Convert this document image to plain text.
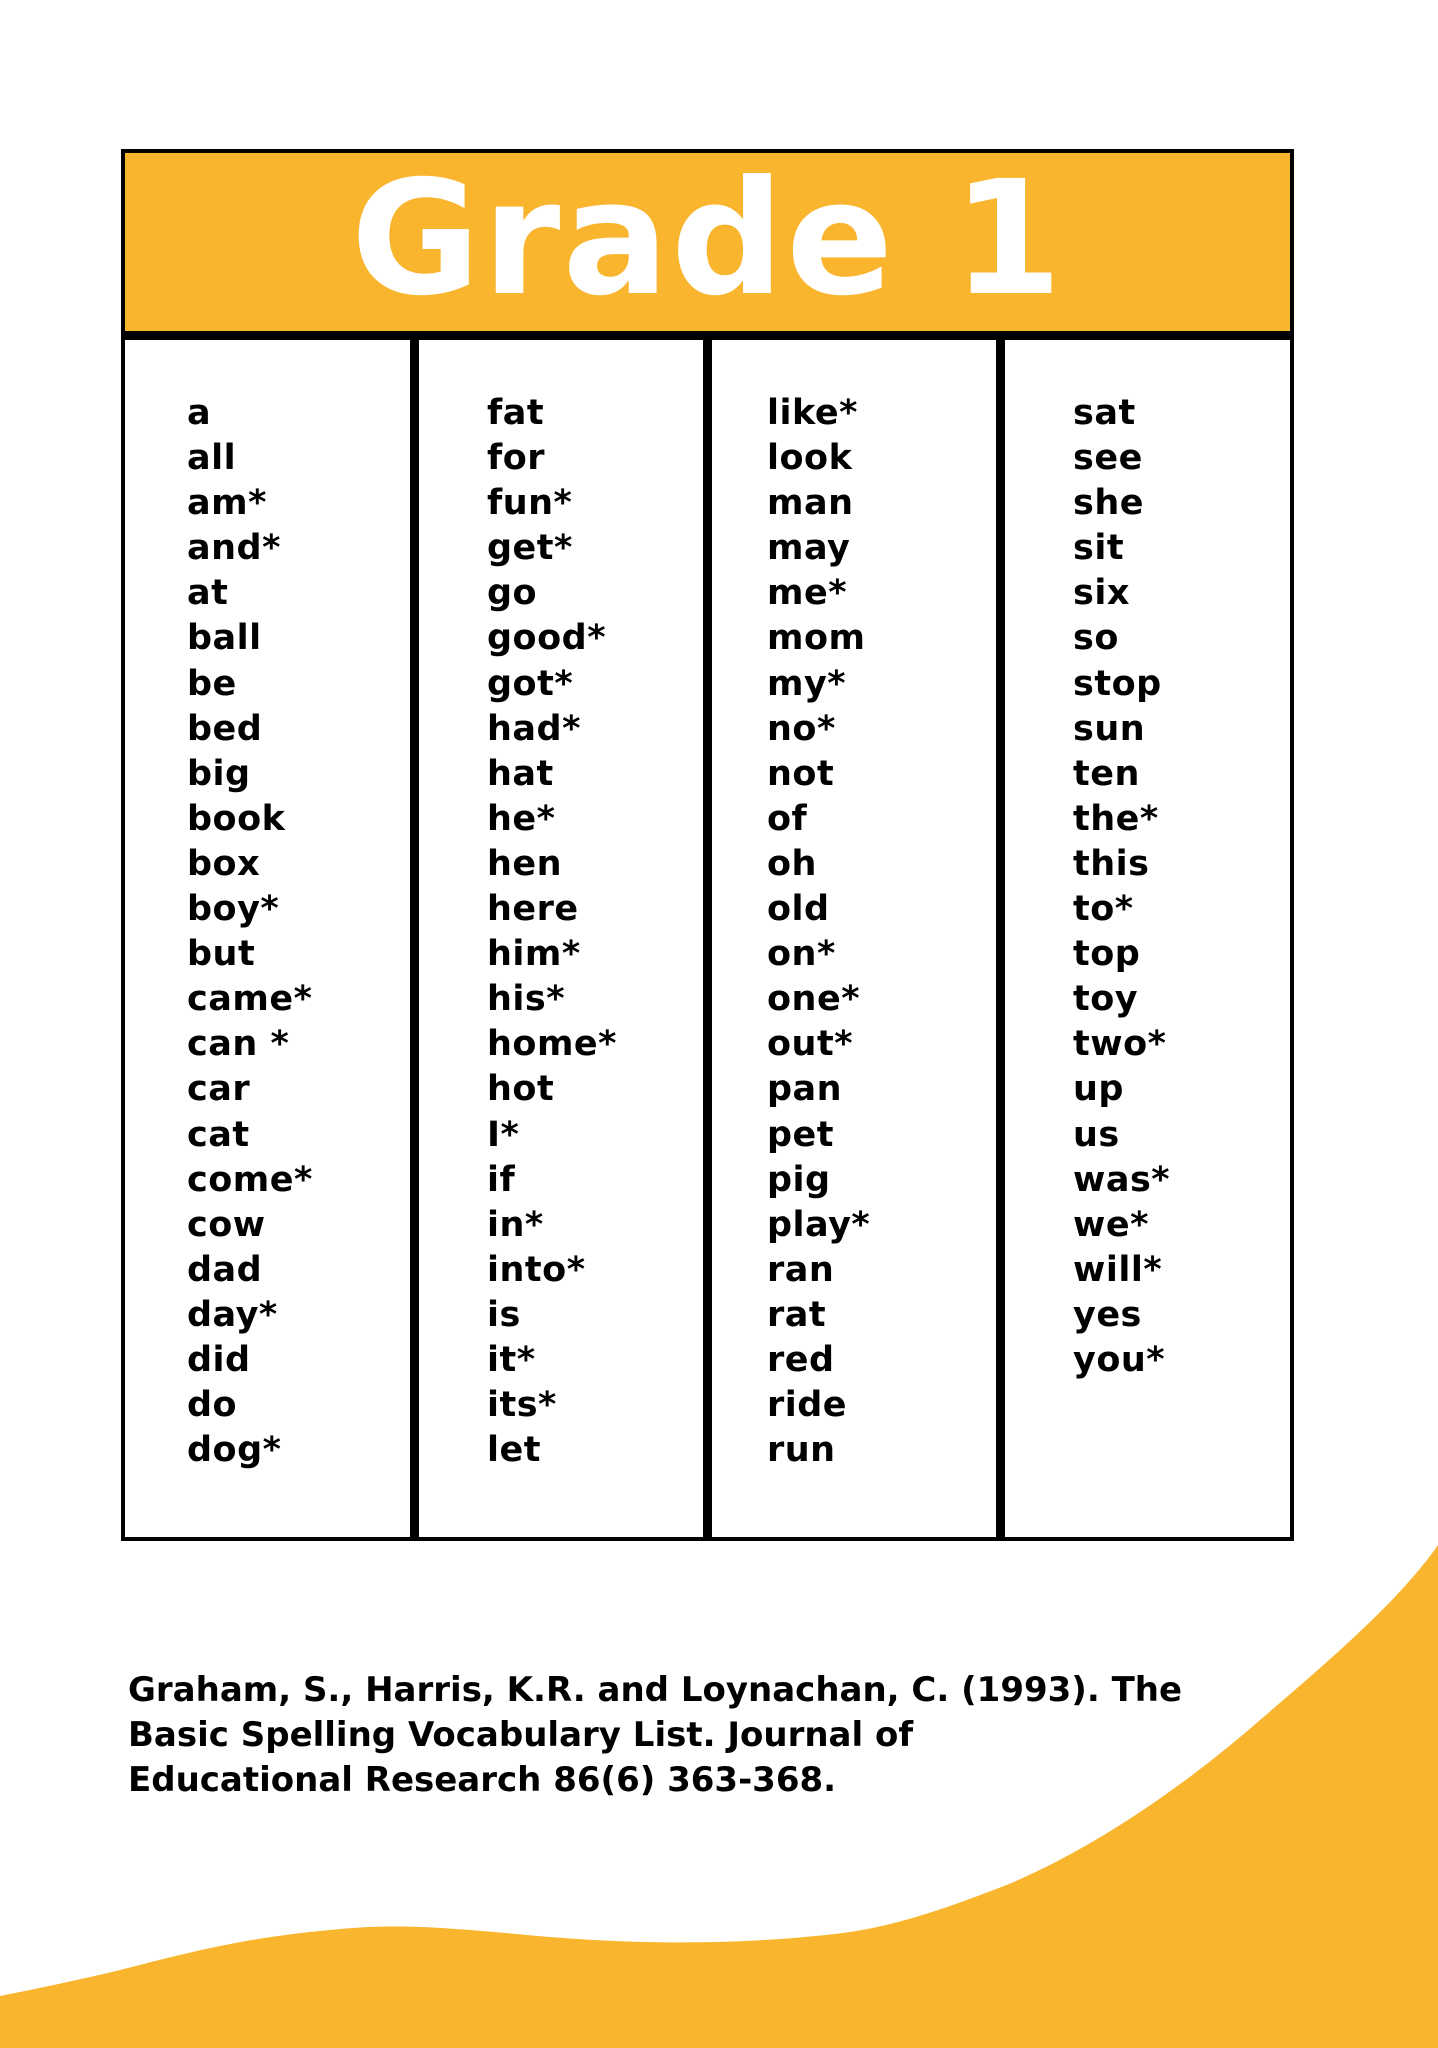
Grade 1
a
all
am*
and*
at
ball
be
bed
big
book
box
boy*
but
came*
can *
car
cat
come*
cow
dad
day*
did
do
dog*
fat
for
fun*
get*
go
good*
got*
had*
hat
he*
hen
here
him*
his*
home*
hot
I*
if
in*
into*
is
it*
its*
let
like*
look
man
may
me*
mom
my*
no*
not
of
oh
old
on*
one*
out*
pan
pet
pig
play*
ran
rat
red
ride
run
sat
see
she
sit
six
so
stop
sun
ten
the*
this
to*
top
toy
two*
up
us
was*
we*
will*
yes
you*
Graham, S., Harris, K.R. and Loynachan, C. (1993). The
Basic Spelling Vocabulary List. Journal of
Educational Research 86(6) 363-368.
